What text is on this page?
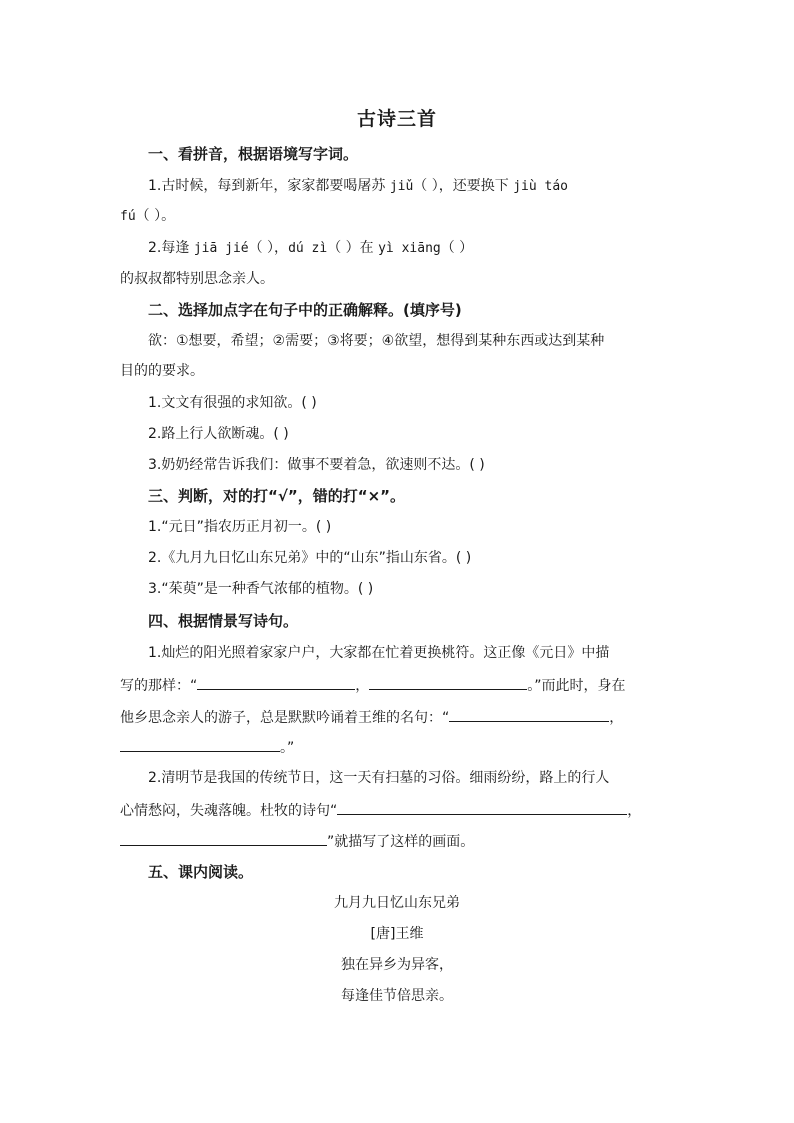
古诗三首
一、看拼音，根据语境写字词。
1.古时候，每到新年，家家都要喝屠苏 jiǔ（ ），还要换下 jiù táo
fú（ ）。
2.每逢 jiā jié（ ），dú zì（ ）在 yì xiāng（ ）
的叔叔都特别思念亲人。
二、选择加点字在句子中的正确解释。(填序号)
欲：①想要，希望；②需要；③将要；④欲望，想得到某种东西或达到某种
目的的要求。
1.文文有很强的求知欲。( )
2.路上行人欲断魂。( )
3.奶奶经常告诉我们：做事不要着急，欲速则不达。( )
三、判断，对的打“√”，错的打“×”。
1.“元日”指农历正月初一。( )
2.《九月九日忆山东兄弟》中的“山东”指山东省。( )
3.“茱萸”是一种香气浓郁的植物。( )
四、根据情景写诗句。
1.灿烂的阳光照着家家户户，大家都在忙着更换桃符。这正像《元日》中描
写的那样：“	，	。”而此时，身在
他乡思念亲人的游子，总是默默吟诵着王维的名句：“	，
。”
2.清明节是我国的传统节日，这一天有扫墓的习俗。细雨纷纷，路上的行人
心情愁闷，失魂落魄。杜牧的诗句“	，
”就描写了这样的画面。
五、课内阅读。
九月九日忆山东兄弟
[唐]王维
独在异乡为异客，
每逢佳节倍思亲。
